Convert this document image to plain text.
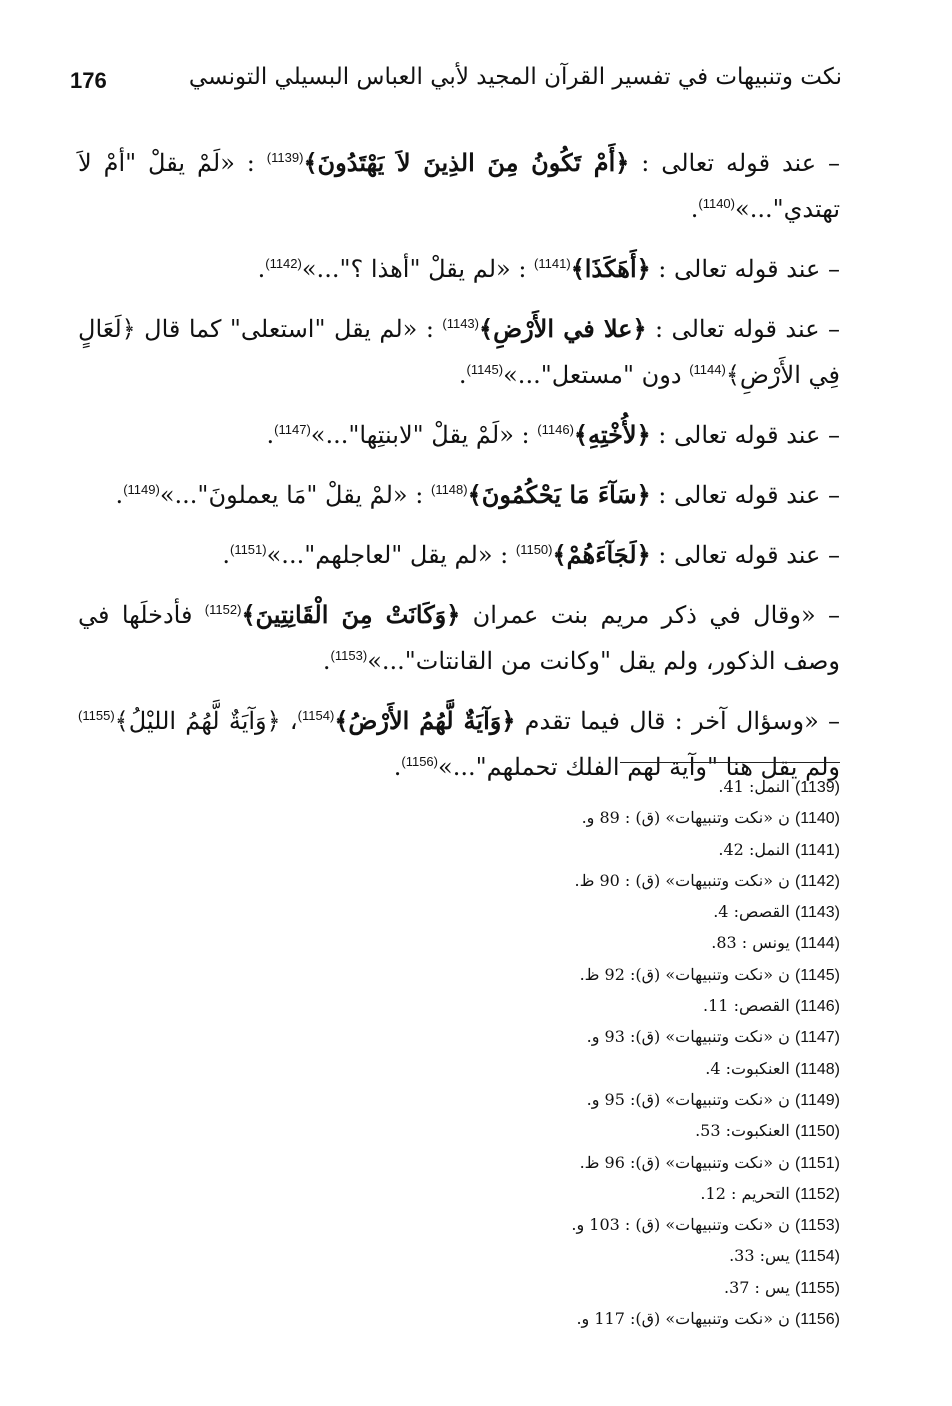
176	نكت وتنبيهات في تفسير القرآن المجيد لأبي العباس البسيلي التونسي

– عند قوله تعالى : ﴿أَمْ تَكُونُ مِنَ الذِينَ لاَ يَهْتَدُونَ﴾$^{(1139)}$ : «لَمْ يقلْ "أمْ لاَ تهتدي"...»$^{(1140)}$.

– عند قوله تعالى : ﴿أَهَكَذَا﴾$^{(1141)}$ : «لم يقلْ "أهذا ؟"...»$^{(1142)}$.

– عند قوله تعالى : ﴿علا في الأَرْضِ﴾$^{(1143)}$ : «لم يقل "استعلى" كما قال ﴿لَعَالٍ فِي الأَرْضِ﴾$^{(1144)}$ دون "مستعل"...»$^{(1145)}$.

– عند قوله تعالى : ﴿لأُخْتِهِ﴾$^{(1146)}$ : «لَمْ يقلْ "لابنتِها"...»$^{(1147)}$.

– عند قوله تعالى : ﴿سَآءَ مَا يَحْكُمُونَ﴾$^{(1148)}$ : «لمْ يقلْ "مَا يعملونَ"...»$^{(1149)}$.

– عند قوله تعالى : ﴿لَجَآءَهُمْ﴾$^{(1150)}$ : «لم يقل "لعاجلهم"...»$^{(1151)}$.

– «وقال في ذكر مريم بنت عمران ﴿وَكَانَتْ مِنَ الْقَانِتِينَ﴾$^{(1152)}$ فأدخلَها في وصف الذكور، ولم يقل "وكانت من القانتات"...»$^{(1153)}$.

– «وسؤال آخر : قال فيما تقدم ﴿وَآيَةٌ لَّهُمُ الأَرْضُ﴾$^{(1154)}$، ﴿وَآيَةٌ لَّهُمُ الليْلُ﴾$^{(1155)}$ ولم يقل هنا "وآية لهم الفلك تحملهم"...»$^{(1156)}$.

(1139) النمل: 41.
(1140) ن «نكت وتنبيهات» (ق) : 89 و.
(1141) النمل: 42.
(1142) ن «نكت وتنبيهات» (ق) : 90 ظ.
(1143) القصص: 4.
(1144) يونس : 83.
(1145) ن «نكت وتنبيهات» (ق): 92 ظ.
(1146) القصص: 11.
(1147) ن «نكت وتنبيهات» (ق): 93 و.
(1148) العنكبوت: 4.
(1149) ن «نكت وتنبيهات» (ق): 95 و.
(1150) العنكبوت: 53.
(1151) ن «نكت وتنبيهات» (ق): 96 ظ.
(1152) التحريم : 12.
(1153) ن «نكت وتنبيهات» (ق) : 103 و.
(1154) يس: 33.
(1155) يس : 37.
(1156) ن «نكت وتنبيهات» (ق): 117 و.
